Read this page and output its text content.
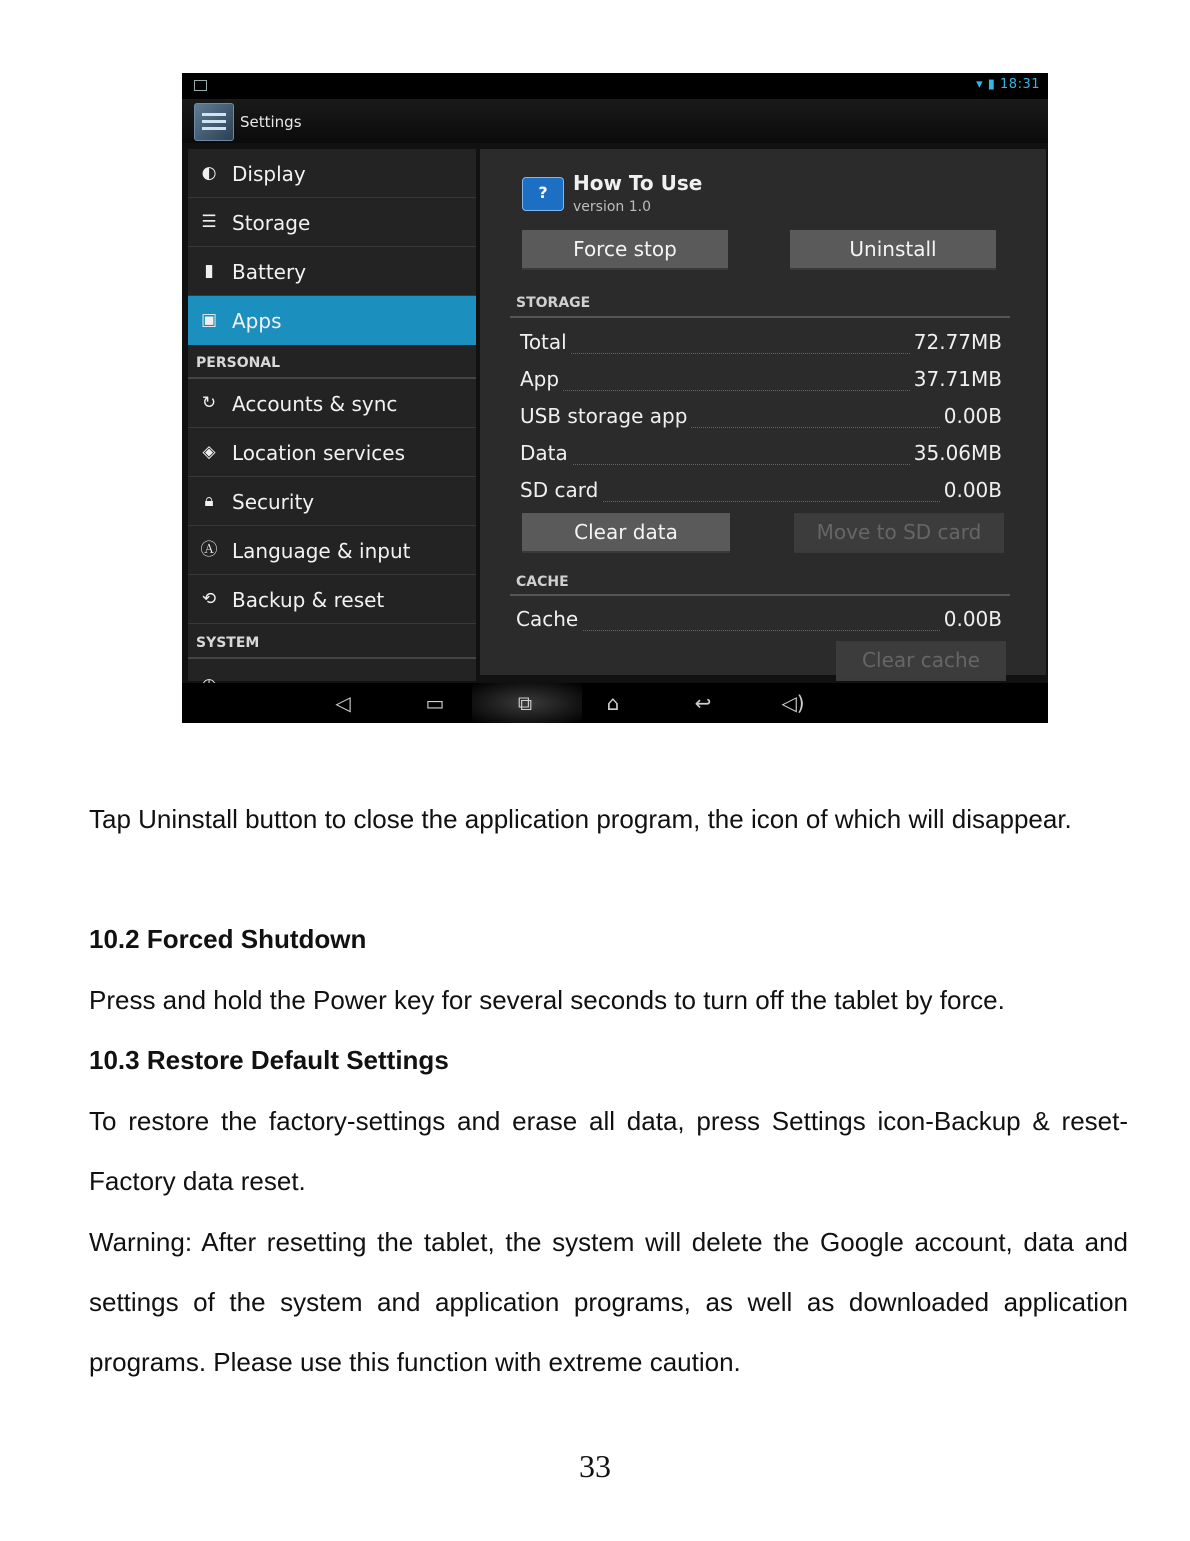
▾ ▮ 18:31
Settings
◐ Display
☰ Storage
▮ Battery
▣ Apps
PERSONAL
↻ Accounts & sync
◈ Location services
🔒︎ Security
Ⓐ Language & input
⟲ Backup & reset
SYSTEM
?	How To Use
version 1.0
Force stop	Uninstall
STORAGE
Total	72.77MB
App	37.71MB
USB storage app	0.00B
Data	35.06MB
SD card	0.00B
Clear data	Move to SD card
CACHE
Cache	0.00B
Clear cache
◁	▭	⧉	⌂	↩	◁)
Tap Uninstall button to close the application program, the icon of which will disappear.
10.2 Forced Shutdown
Press and hold the Power key for several seconds to turn off the tablet by force.
10.3 Restore Default Settings
To restore the factory-settings and erase all data, press Settings icon-Backup & reset-Factory data reset.
Warning: After resetting the tablet, the system will delete the Google account, data and settings of the system and application programs, as well as downloaded application programs. Please use this function with extreme caution.
33
